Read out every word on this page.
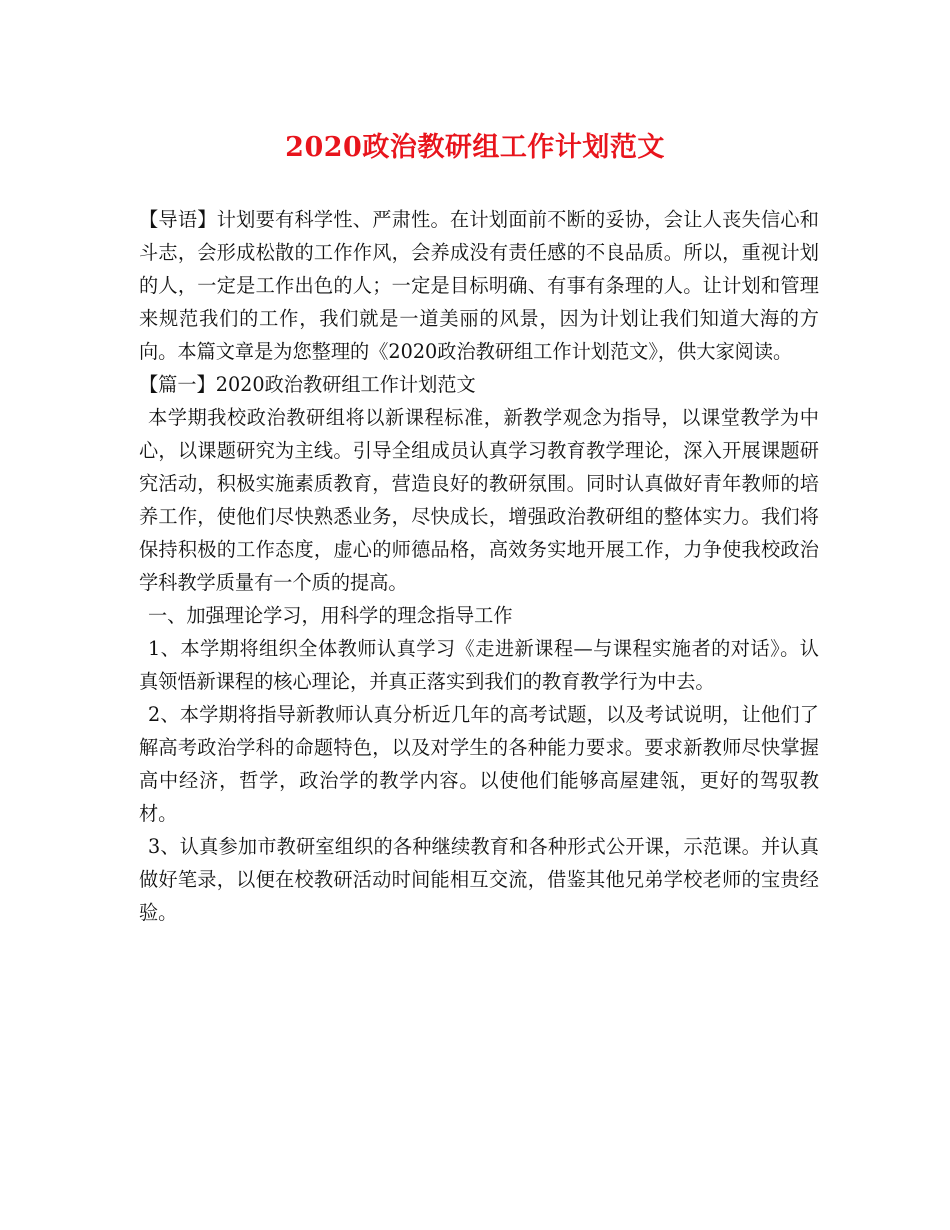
2020政治教研组工作计划范文

【导语】计划要有科学性、严肃性。在计划面前不断的妥协，会让人丧失信心和斗志，会形成松散的工作作风，会养成没有责任感的不良品质。所以，重视计划的人，一定是工作出色的人；一定是目标明确、有事有条理的人。让计划和管理来规范我们的工作，我们就是一道美丽的风景，因为计划让我们知道大海的方向。本篇文章是为您整理的《2020政治教研组工作计划范文》，供大家阅读。

【篇一】2020政治教研组工作计划范文

本学期我校政治教研组将以新课程标准，新教学观念为指导，以课堂教学为中心，以课题研究为主线。引导全组成员认真学习教育教学理论，深入开展课题研究活动，积极实施素质教育，营造良好的教研氛围。同时认真做好青年教师的培养工作，使他们尽快熟悉业务，尽快成长，增强政治教研组的整体实力。我们将保持积极的工作态度，虚心的师德品格，高效务实地开展工作，力争使我校政治学科教学质量有一个质的提高。

一、加强理论学习，用科学的理念指导工作

1、本学期将组织全体教师认真学习《走进新课程—与课程实施者的对话》。认真领悟新课程的核心理论，并真正落实到我们的教育教学行为中去。

2、本学期将指导新教师认真分析近几年的高考试题，以及考试说明，让他们了解高考政治学科的命题特色，以及对学生的各种能力要求。要求新教师尽快掌握高中经济，哲学，政治学的教学内容。以使他们能够高屋建瓴，更好的驾驭教材。

3、认真参加市教研室组织的各种继续教育和各种形式公开课，示范课。并认真做好笔录，以便在校教研活动时间能相互交流，借鉴其他兄弟学校老师的宝贵经验。
